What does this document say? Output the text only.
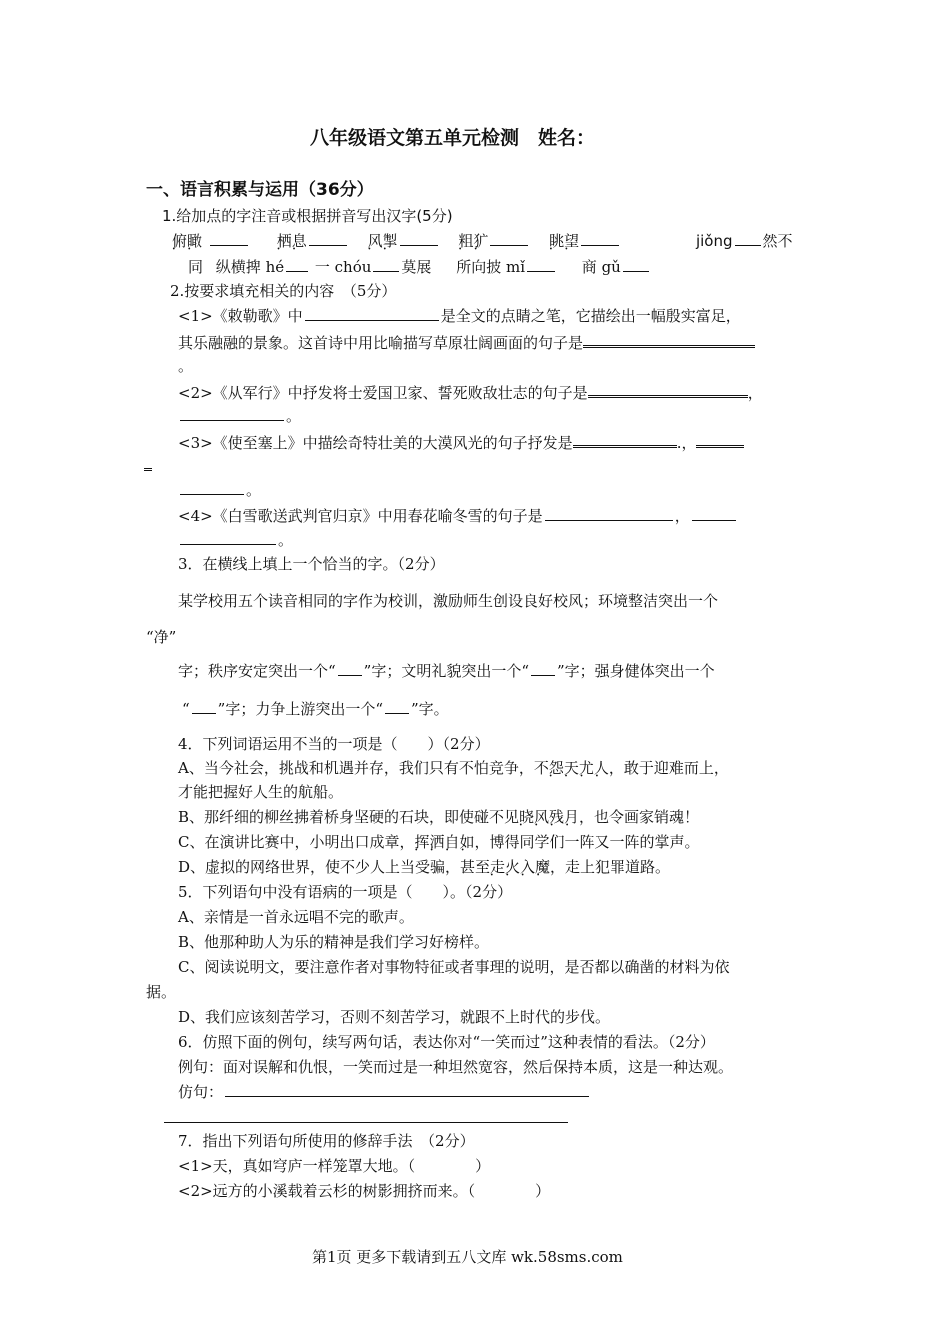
八年级语文第五单元检测　姓名：
一、语言积累与运用（36分）
1.给加点的字注音或根据拼音写出汉字(5分)
俯瞰 • •	栖息 • •	风掣 • •	粗犷 • •	眺望 • •	jiǒng 然不
同 纵横捭 hé 一 chóu 莫展 所向披 mǐ	商 gǔ
2.按要求填充相关的内容　（5分）
<1>《敕勒歌》中	是全文的点睛之笔，它描绘出一幅殷实富足，
其乐融融的景象。这首诗中用比喻描写草原壮阔画面的句子是
。
<2>《从军行》中抒发将士爱国卫家、誓死败敌壮志的句子是	，
。
<3>《使至塞上》中描绘奇特壮美的大漠风光的句子抒发是	.，
。
<4>《白雪歌送武判官归京》中用春花喻冬雪的句子是	，
。
3．在横线上填上一个恰当的字。（2分）
某学校用五个读音相同的字作为校训，激励师生创设良好校风；环境整洁突出一个
“净”
字；秩序安定突出一个“ ”字；文明礼貌突出一个“ ”字；强身健体突出一个
“ ”字；力争上游突出一个“ ”字。
4．下列词语运用不当的一项是（　　）（2分）
A、当今社会，挑战和机遇并存，我们只有不怕竞争，不怨天尤人 • • • •，敢于迎难而上，
才能把握好人生的航船。
B、那纤细的柳丝拂着桥身坚硬的石块，即使碰不见晓风残月 • • • •，也令画家销魂！
C、在演讲比赛中，小明出口成章，挥洒自如 • • • •，博得同学们一阵又一阵的掌声。
D、虚拟的网络世界，使不少人上当受骗，甚至走火入魔 • • • •，走上犯罪道路。
5．下列语句中没有语病的一项是（　　）。（2分）
A、亲情是一首永远唱不完的歌声。
B、他那种助人为乐的精神是我们学习好榜样。
C、阅读说明文，要注意作者对事物特征或者事理的说明，是否都以确凿的材料为依
据。
D、我们应该刻苦学习，否则不刻苦学习，就跟不上时代的步伐。
6．仿照下面的例句，续写两句话，表达你对“一笑而过”这种表情的看法。（2分）
例句：面对误解和仇恨，一笑而过是一种坦然宽容，然后保持本质，这是一种达观。
仿句：
7．指出下列语句所使用的修辞手法　（2分）
<1>天，真如穹庐一样笼罩大地。（　　　　）
<2>远方的小溪载着云杉的树影拥挤而来。（　　　　）
第1页 更多下载请到五八文库 wk.58sms.com
